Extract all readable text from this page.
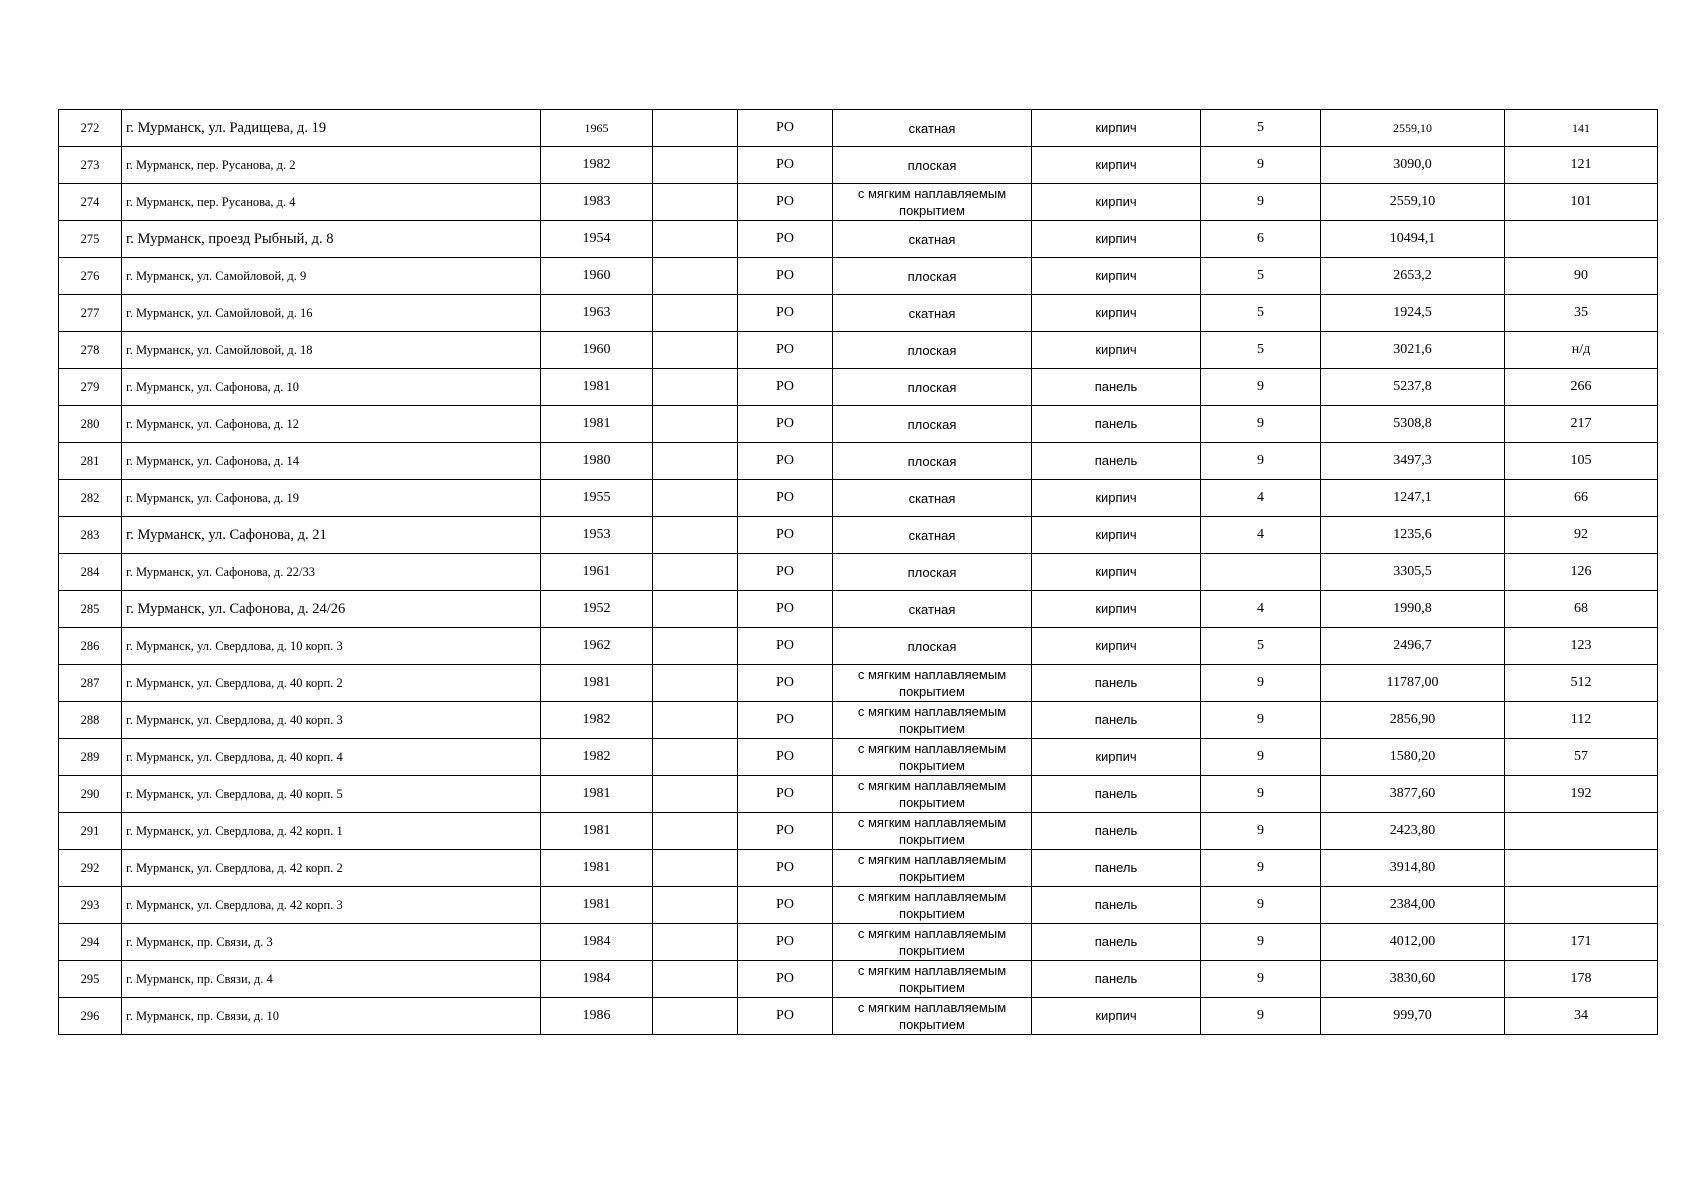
272	г. Мурманск, ул. Радищева, д. 19	1965		РО	скатная	кирпич	5	2559,10	141
273	г. Мурманск, пер. Русанова, д. 2	1982		РО	плоская	кирпич	9	3090,0	121
274	г. Мурманск, пер. Русанова, д. 4	1983		РО	с мягким наплавляемым покрытием	кирпич	9	2559,10	101
275	г. Мурманск, проезд Рыбный, д. 8	1954		РО	скатная	кирпич	6	10494,1	
276	г. Мурманск, ул. Самойловой, д. 9	1960		РО	плоская	кирпич	5	2653,2	90
277	г. Мурманск, ул. Самойловой, д. 16	1963		РО	скатная	кирпич	5	1924,5	35
278	г. Мурманск, ул. Самойловой, д. 18	1960		РО	плоская	кирпич	5	3021,6	н/д
279	г. Мурманск, ул. Сафонова, д. 10	1981		РО	плоская	панель	9	5237,8	266
280	г. Мурманск, ул. Сафонова, д. 12	1981		РО	плоская	панель	9	5308,8	217
281	г. Мурманск, ул. Сафонова, д. 14	1980		РО	плоская	панель	9	3497,3	105
282	г. Мурманск, ул. Сафонова, д. 19	1955		РО	скатная	кирпич	4	1247,1	66
283	г. Мурманск, ул. Сафонова, д. 21	1953		РО	скатная	кирпич	4	1235,6	92
284	г. Мурманск, ул. Сафонова, д. 22/33	1961		РО	плоская	кирпич		3305,5	126
285	г. Мурманск, ул. Сафонова, д. 24/26	1952		РО	скатная	кирпич	4	1990,8	68
286	г. Мурманск, ул. Свердлова, д. 10 корп. 3	1962		РО	плоская	кирпич	5	2496,7	123
287	г. Мурманск, ул. Свердлова, д. 40 корп. 2	1981		РО	с мягким наплавляемым покрытием	панель	9	11787,00	512
288	г. Мурманск, ул. Свердлова, д. 40 корп. 3	1982		РО	с мягким наплавляемым покрытием	панель	9	2856,90	112
289	г. Мурманск, ул. Свердлова, д. 40 корп. 4	1982		РО	с мягким наплавляемым покрытием	кирпич	9	1580,20	57
290	г. Мурманск, ул. Свердлова, д. 40 корп. 5	1981		РО	с мягким наплавляемым покрытием	панель	9	3877,60	192
291	г. Мурманск, ул. Свердлова, д. 42 корп. 1	1981		РО	с мягким наплавляемым покрытием	панель	9	2423,80	
292	г. Мурманск, ул. Свердлова, д. 42 корп. 2	1981		РО	с мягким наплавляемым покрытием	панель	9	3914,80	
293	г. Мурманск, ул. Свердлова, д. 42 корп. 3	1981		РО	с мягким наплавляемым покрытием	панель	9	2384,00	
294	г. Мурманск, пр. Связи, д. 3	1984		РО	с мягким наплавляемым покрытием	панель	9	4012,00	171
295	г. Мурманск, пр. Связи, д. 4	1984		РО	с мягким наплавляемым покрытием	панель	9	3830,60	178
296	г. Мурманск, пр. Связи, д. 10	1986		РО	с мягким наплавляемым покрытием	кирпич	9	999,70	34
